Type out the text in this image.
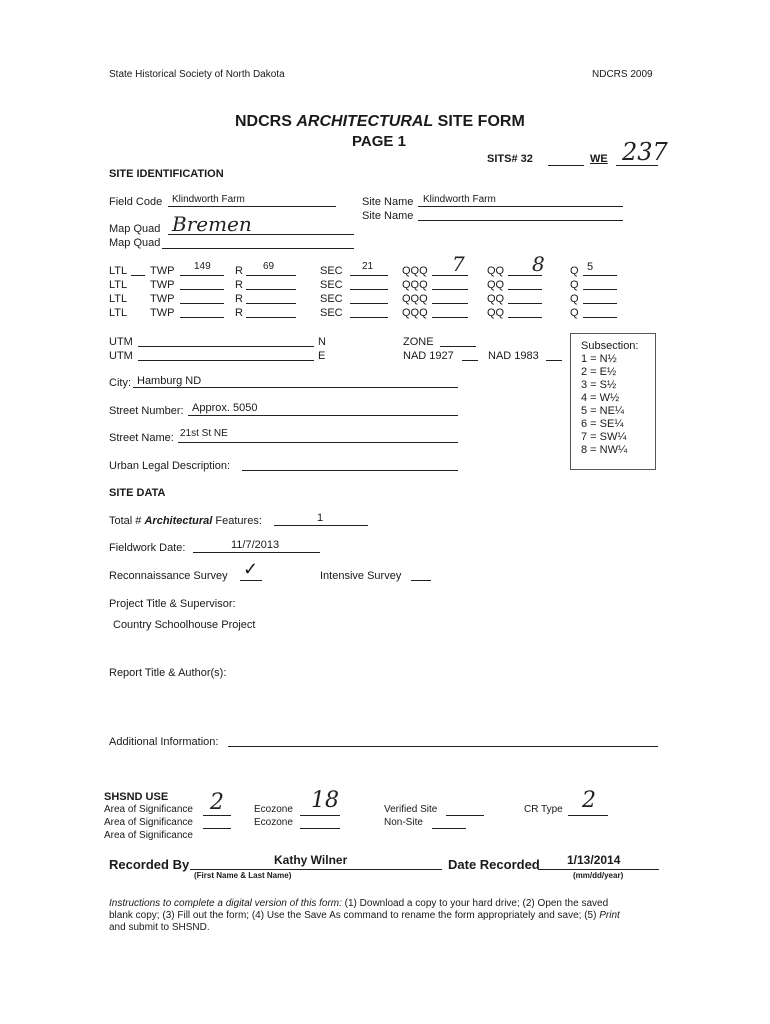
State Historical Society of North Dakota	NDCRS 2009
NDCRS ARCHITECTURAL SITE FORM
PAGE 1
SITS# 32	WE 237
SITE IDENTIFICATION
Field Code Klindworth Farm	Site Name Klindworth Farm
Site Name
Map Quad Bremen
Map Quad
LTL TWP 149 R 69	SEC 21	QQQ 7 QQ 8 Q 5
LTL TWP	R	SEC	QQQ	QQ	Q
LTL TWP	R	SEC	QQQ	QQ	Q
LTL TWP	R	SEC	QQQ	QQ	Q
UTM	N
UTM	E
ZONE
NAD 1927	NAD 1983
Subsection:
1 = N½
2 = E½
3 = S½
4 = W½
5 = NE¼
6 = SE¼
7 = SW¼
8 = NW¼
City: Hamburg ND
Street Number: Approx. 5050
Street Name: 21st St NE
Urban Legal Description:
SITE DATA
Total # Architectural Features:	1
Fieldwork Date:	11/7/2013
Reconnaissance Survey ✓	Intensive Survey
Project Title & Supervisor:
Country Schoolhouse Project
Report Title & Author(s):
Additional Information:
SHSND USE
Area of Significance 2
Area of Significance
Area of Significance
Ecozone 18
Ecozone
Verified Site
Non-Site
CR Type 2
Recorded By	Kathy Wilner
(First Name & Last Name)
Date Recorded 1/13/2014
(mm/dd/year)
Instructions to complete a digital version of this form: (1) Download a copy to your hard drive; (2) Open the saved
blank copy; (3) Fill out the form; (4) Use the Save As command to rename the form appropriately and save; (5) Print
and submit to SHSND.
